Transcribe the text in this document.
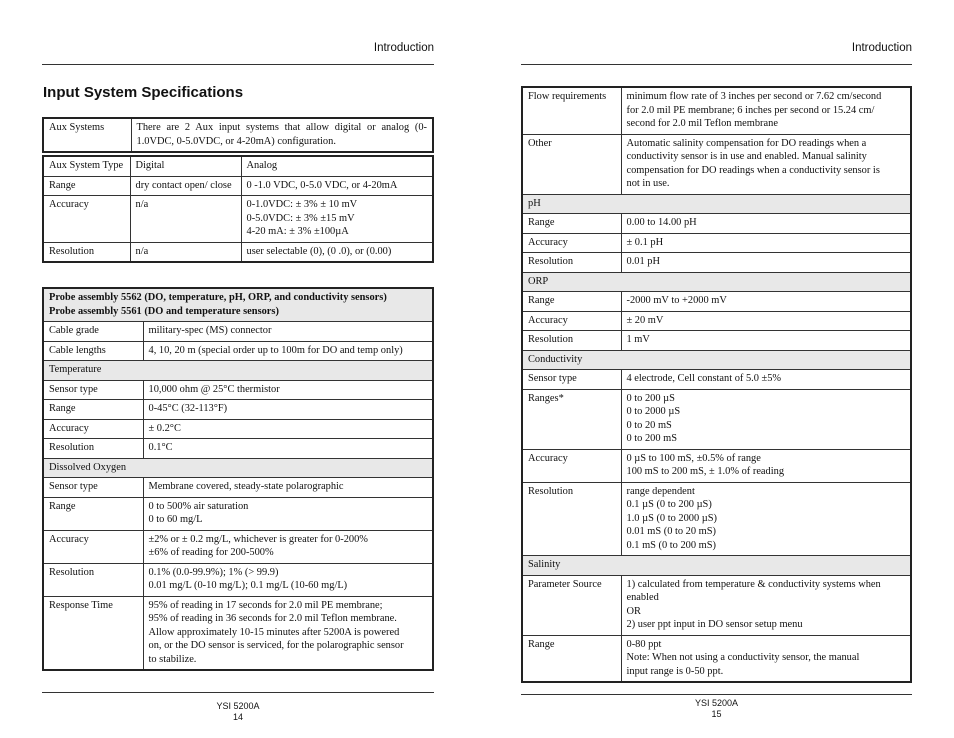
Introduction
Input System Specifications
Aux Systems	There are 2 Aux input systems that allow digital or analog (0-1.0VDC, 0-5.0VDC, or 4-20mA) configuration.
Aux System Type	Digital	Analog
Range	dry contact open/ close	0 -1.0 VDC, 0-5.0 VDC, or 4-20mA

Accuracy	n/a	0-1.0VDC: ± 3% ± 10 mV
0-5.0VDC: ± 3% ±15 mV
4-20 mA: ± 3% ±100µA

Resolution	n/a	user selectable (0), (0 .0), or (0.00)
Probe assembly 5562 (DO, temperature, pH, ORP, and conductivity sensors)
Probe assembly 5561 (DO and temperature sensors)	

Cable grade	military-spec (MS) connector

Cable lengths	4, 10, 20 m (special order up to 100m for DO and temp only)

Temperature	
Sensor type	10,000 ohm @ 25°C thermistor

Range	0-45°C (32-113°F)

Accuracy	± 0.2°C

Resolution	0.1°C

Dissolved Oxygen	
Sensor type	Membrane covered, steady-state polarographic

Range	0 to 500% air saturation
0 to 60 mg/L

Accuracy	±2% or ± 0.2 mg/L, whichever is greater for 0-200%
±6% of reading for 200-500%

Resolution	0.1% (0.0-99.9%); 1% (> 99.9)
0.01 mg/L (0-10 mg/L); 0.1 mg/L (10-60 mg/L)

Response Time	95% of reading in 17 seconds for 2.0 mil PE membrane;
95% of reading in 36 seconds for 2.0 mil Teflon membrane.
Allow approximately 10-15 minutes after 5200A is powered
on, or the DO sensor is serviced, for the polarographic sensor
to stabilize.
YSI 5200A
14
Introduction
Flow requirements	minimum flow rate of 3 inches per second or 7.62 cm/second
for 2.0 mil PE membrane; 6 inches per second or 15.24 cm/
second for 2.0 mil Teflon membrane

Other	Automatic salinity compensation for DO readings when a
conductivity sensor is in use and enabled. Manual salinity
compensation for DO readings when a conductivity sensor is
not in use.

pH	
Range	0.00 to 14.00 pH

Accuracy	± 0.1 pH

Resolution	0.01 pH

ORP	
Range	-2000 mV to +2000 mV

Accuracy	± 20 mV

Resolution	1 mV

Conductivity	
Sensor type	4 electrode, Cell constant of 5.0 ±5%

Ranges*	0 to 200 µS
0 to 2000 µS
0 to 20 mS
0 to 200 mS

Accuracy	0 µS to 100 mS, ±0.5% of range
100 mS to 200 mS, ± 1.0% of reading

Resolution	range dependent
0.1 µS (0 to 200 µS)
1.0 µS (0 to 2000 µS)
0.01 mS (0 to 20 mS)
0.1 mS (0 to 200 mS)

Salinity	
Parameter Source	1) calculated from temperature & conductivity systems when
enabled
OR
2) user ppt input in DO sensor setup menu

Range	0-80 ppt
Note: When not using a conductivity sensor, the manual
input range is 0-50 ppt.
YSI 5200A
15
